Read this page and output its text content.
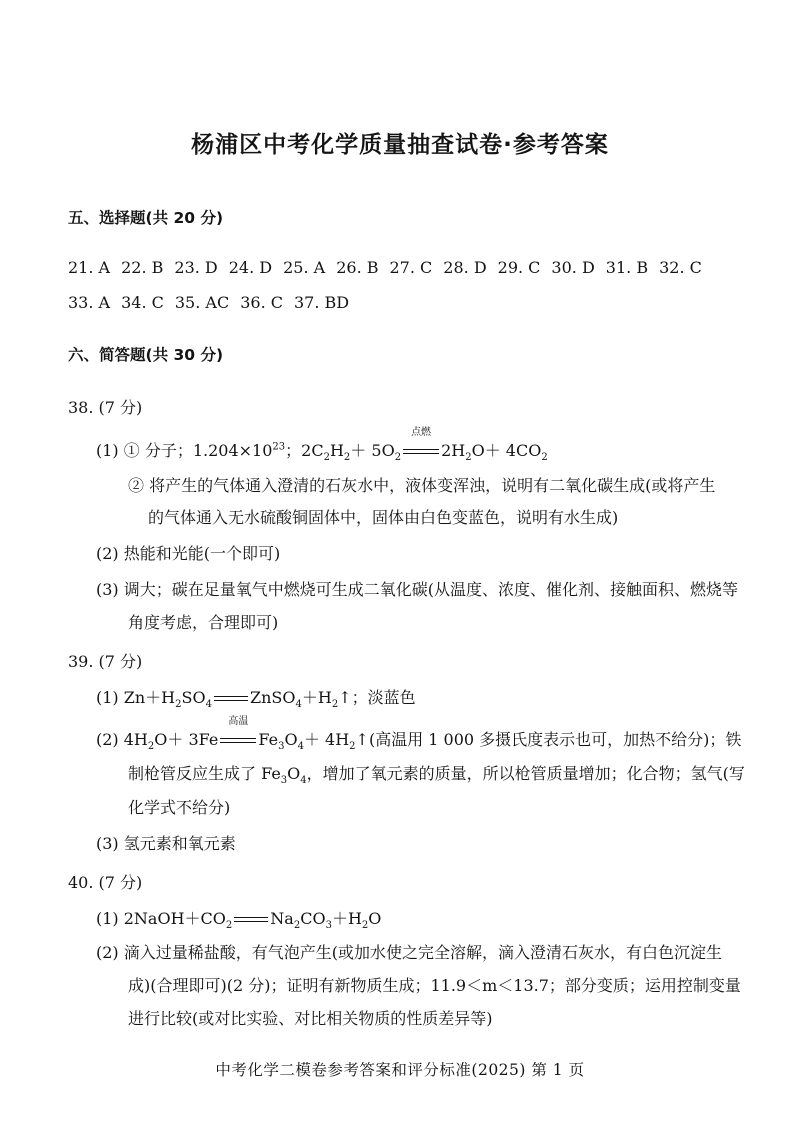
杨浦区中考化学质量抽查试卷·参考答案
五、选择题(共 20 分)
21. A 22. B 23. D 24. D 25. A 26. B 27. C 28. D 29. C 30. D 31. B 32. C
33. A 34. C 35. AC 36. C 37. BD
六、简答题(共 30 分)
38. (7 分)
(1) ① 分子；$1.204\times 10^{23}$；$2C_2H_2+ 5O_2$
点燃
$2H_2O+ 4CO_2$
② 将产生的气体通入澄清的石灰水中，液体变浑浊，说明有二氧化碳生成(或将产生
的气体通入无水硫酸铜固体中，固体由白色变蓝色，说明有水生成)
(2) 热能和光能(一个即可)
(3) 调大；碳在足量氧气中燃烧可生成二氧化碳(从温度、浓度、催化剂、接触面积、燃烧等
角度考虑，合理即可)
39. (7 分)
(1) $Zn+H_2SO_4$ $ZnSO_4+H_2↑$；淡蓝色
(2) $4H_2O+ 3Fe$
高温
$Fe_3O_4+$ $4H_2↑$(高温用 1 000 多摄氏度表示也可，加热不给分)；铁
制枪管反应生成了 $Fe_3O_4$，增加了氧元素的质量，所以枪管质量增加；化合物；氢气(写
化学式不给分)
(3) 氢元素和氧元素
40. (7 分)
(1) $2NaOH+CO_2$ $Na_2CO_3+H_2O$
(2) 滴入过量稀盐酸，有气泡产生(或加水使之完全溶解，滴入澄清石灰水，有白色沉淀生
成)(合理即可)(2 分)；证明有新物质生成；11.9＜m＜13.7；部分变质；运用控制变量
进行比较(或对比实验、对比相关物质的性质差异等)
中考化学二模卷参考答案和评分标准(2025) 第 1 页
